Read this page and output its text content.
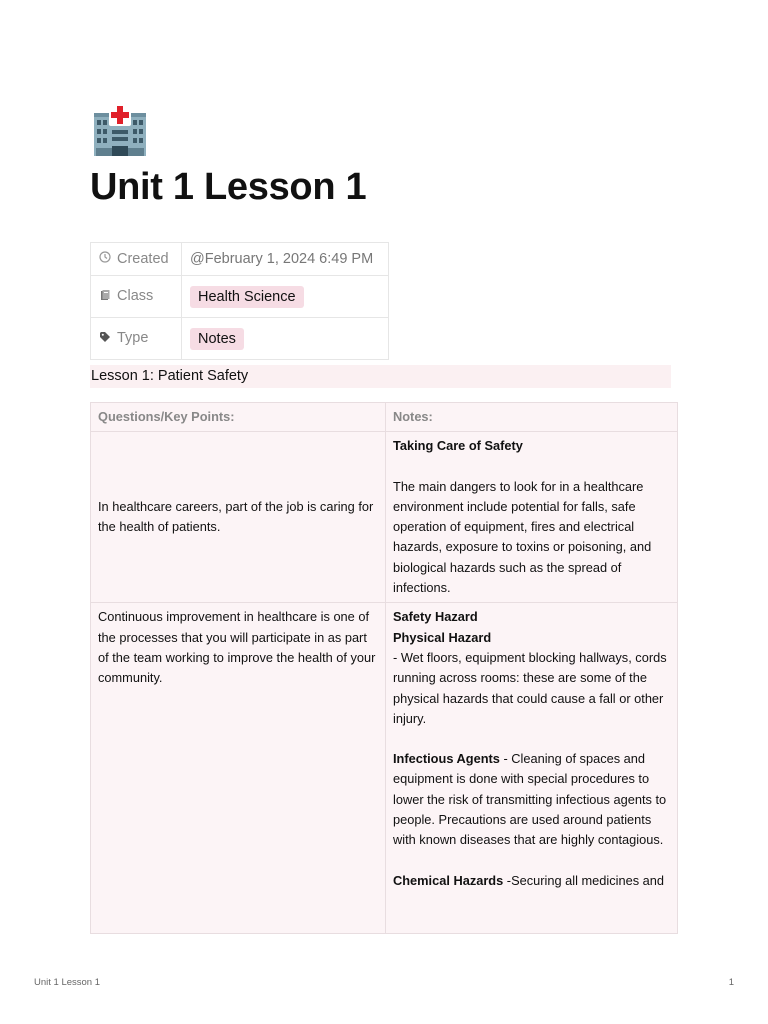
Unit 1 Lesson 1
Created	@February 1, 2024 6:49 PM
Class	Health Science
Type	Notes
Lesson 1: Patient Safety
Questions/Key Points:	Notes:
In healthcare careers, part of the job is caring for the health of patients.	Taking Care of Safety
The main dangers to look for in a healthcare environment include potential for falls, safe operation of equipment, fires and electrical hazards, exposure to toxins or poisoning, and biological hazards such as the spread of infections.

Continuous improvement in healthcare is one of the processes that you will participate in as part of the team working to improve the health of your community.	Safety Hazard
Physical Hazard
- Wet floors, equipment blocking hallways, cords running across rooms: these are some of the physical hazards that could cause a fall or other injury.
Infectious Agents - Cleaning of spaces and equipment is done with special procedures to lower the risk of transmitting infectious agents to people. Precautions are used around patients with known diseases that are highly contagious.
Chemical Hazards -Securing all medicines and
Unit 1 Lesson 1	1
